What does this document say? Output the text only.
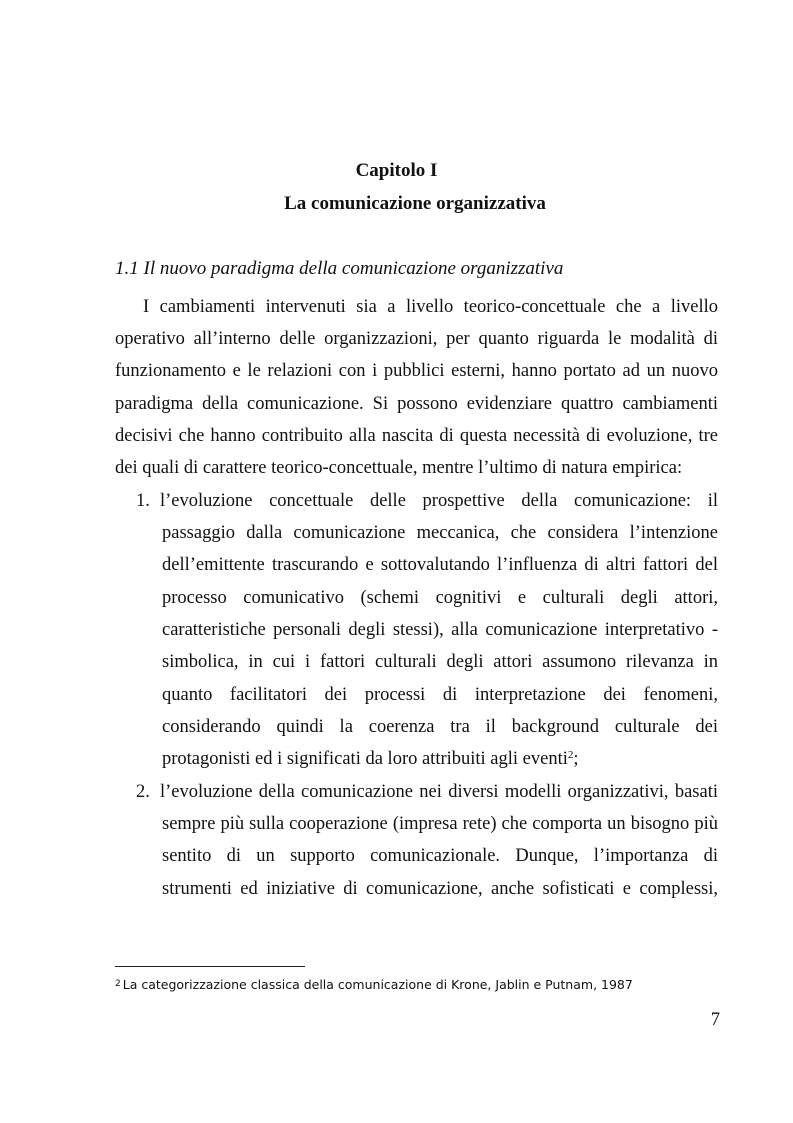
Capitolo I
La comunicazione organizzativa
1.1 Il nuovo paradigma della comunicazione organizzativa
I cambiamenti intervenuti sia a livello teorico-concettuale che a livello
operativo all’interno delle organizzazioni, per quanto riguarda le modalità di
funzionamento e le relazioni con i pubblici esterni, hanno portato ad un nuovo
paradigma della comunicazione. Si possono evidenziare quattro cambiamenti
decisivi che hanno contribuito alla nascita di questa necessità di evoluzione, tre
dei quali di carattere teorico-concettuale, mentre l’ultimo di natura empirica:
1. l’evoluzione concettuale delle prospettive della comunicazione: il
passaggio dalla comunicazione meccanica, che considera l’intenzione
dell’emittente trascurando e sottovalutando l’influenza di altri fattori del
processo comunicativo (schemi cognitivi e culturali degli attori,
caratteristiche personali degli stessi), alla comunicazione interpretativo -
simbolica, in cui i fattori culturali degli attori assumono rilevanza in
quanto facilitatori dei processi di interpretazione dei fenomeni,
considerando quindi la coerenza tra il background culturale dei
protagonisti ed i significati da loro attribuiti agli eventi$^2$;
2. l’evoluzione della comunicazione nei diversi modelli organizzativi, basati
sempre più sulla cooperazione (impresa rete) che comporta un bisogno più
sentito di un supporto comunicazionale. Dunque, l’importanza di
strumenti ed iniziative di comunicazione, anche sofisticati e complessi,
$^2$ La categorizzazione classica della comunicazione di Krone, Jablin e Putnam, 1987
7
